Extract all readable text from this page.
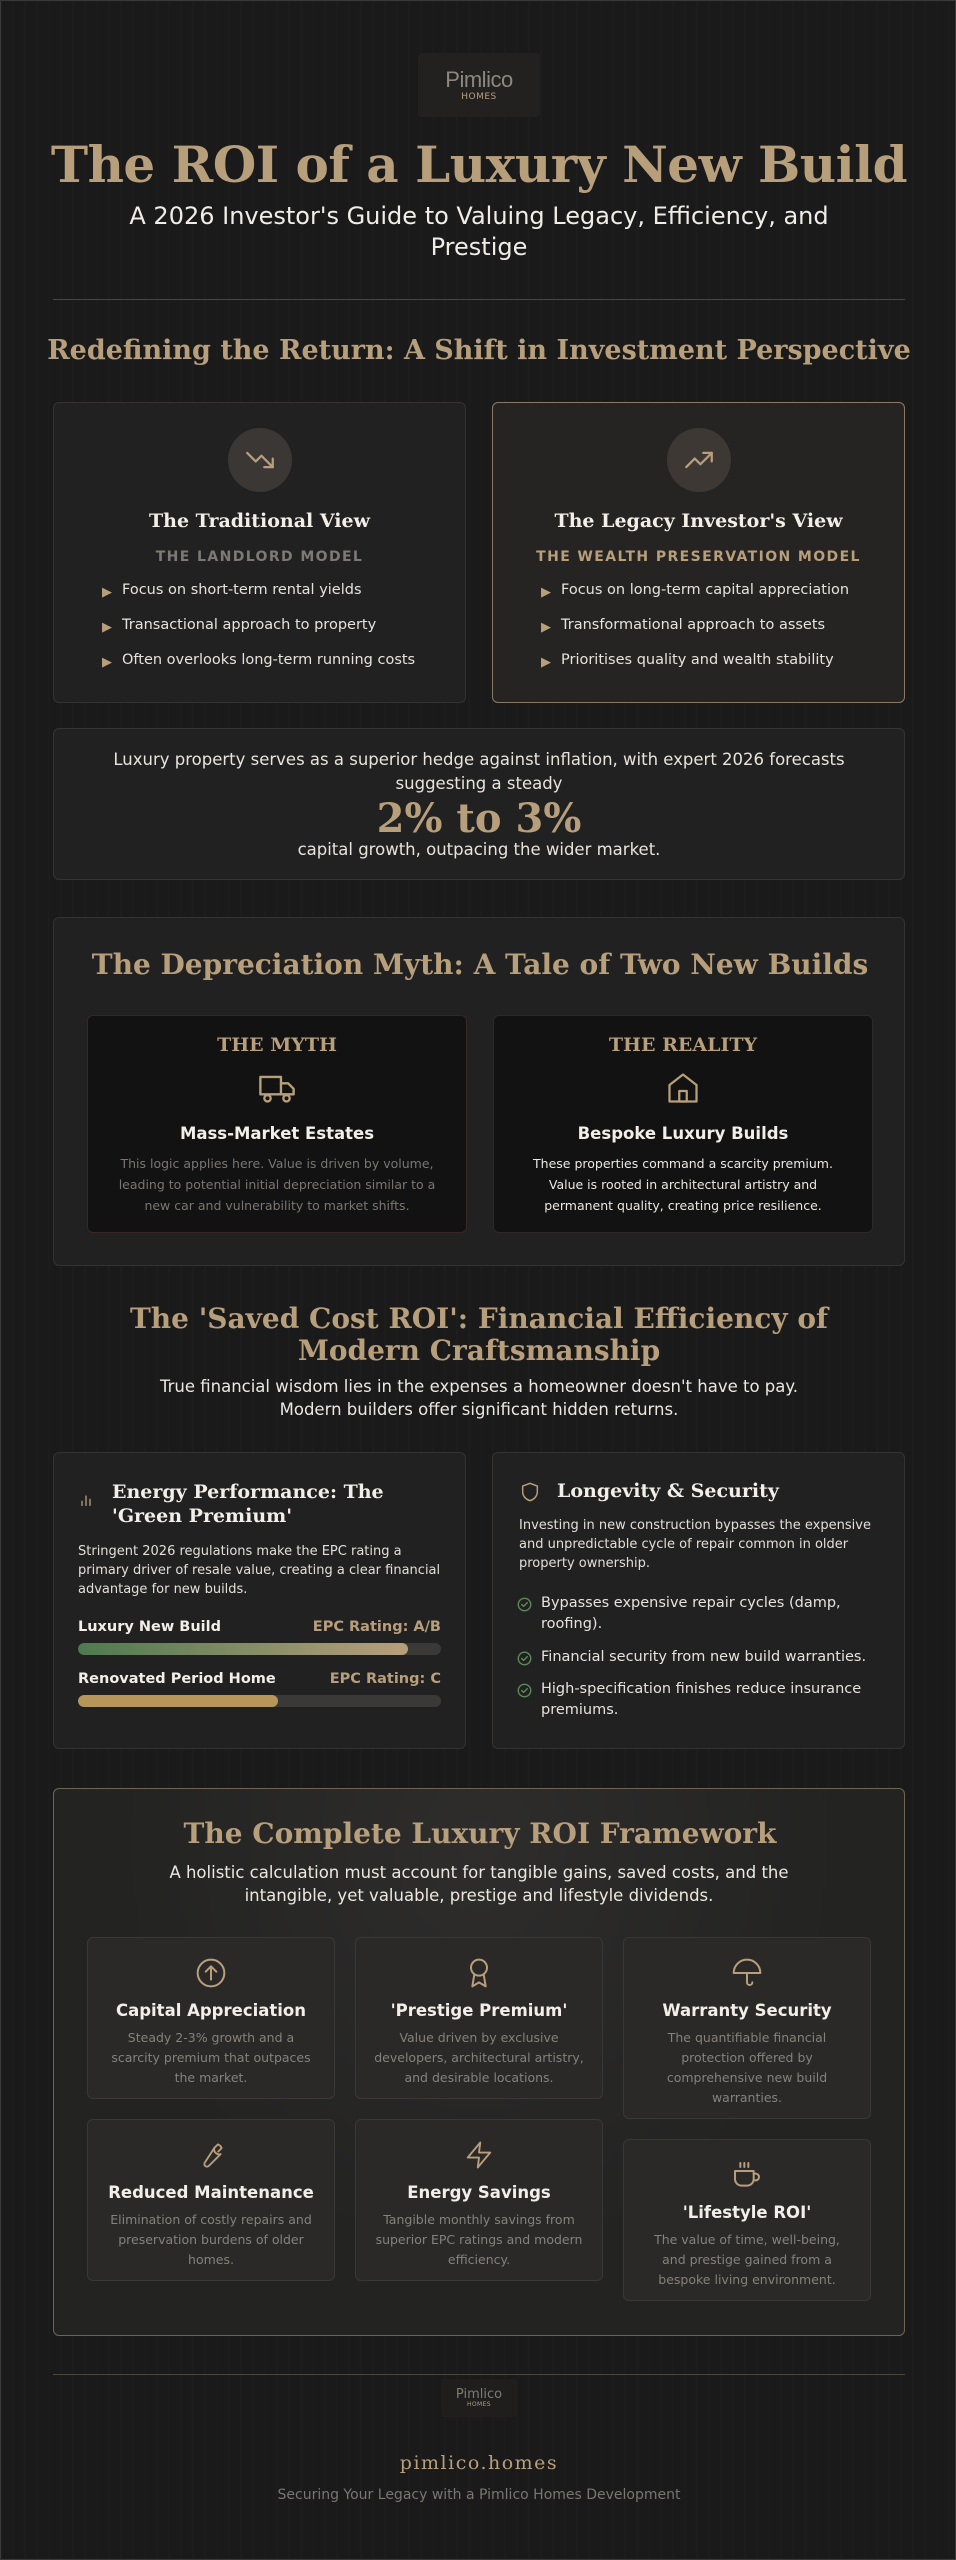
Pimlico
HOMES
The ROI of a Luxury New Build
A 2026 Investor's Guide to Valuing Legacy, Efficiency, and Prestige
Redefining the Return: A Shift in Investment Perspective
The Traditional View
THE LANDLORD MODEL
▶ Focus on short-term rental yields
▶ Transactional approach to property
▶ Often overlooks long-term running costs
The Legacy Investor's View
THE WEALTH PRESERVATION MODEL
▶ Focus on long-term capital appreciation
▶ Transformational approach to assets
▶ Prioritises quality and wealth stability
Luxury property serves as a superior hedge against inflation, with expert 2026 forecasts suggesting a steady
2% to 3%
capital growth, outpacing the wider market.
The Depreciation Myth: A Tale of Two New Builds
THE MYTH
Mass-Market Estates
This logic applies here. Value is driven by volume, leading to potential initial depreciation similar to a new car and vulnerability to market shifts.
THE REALITY
Bespoke Luxury Builds
These properties command a scarcity premium. Value is rooted in architectural artistry and permanent quality, creating price resilience.
The 'Saved Cost ROI': Financial Efficiency of Modern Craftsmanship
True financial wisdom lies in the expenses a homeowner doesn't have to pay. Modern builders offer significant hidden returns.
Energy Performance: The 'Green Premium'
Stringent 2026 regulations make the EPC rating a primary driver of resale value, creating a clear financial advantage for new builds.
Luxury New Build	EPC Rating: A/B
Renovated Period Home	EPC Rating: C
Longevity & Security
Investing in new construction bypasses the expensive and unpredictable cycle of repair common in older property ownership.
Bypasses expensive repair cycles (damp, roofing).
Financial security from new build warranties.
High-specification finishes reduce insurance premiums.
The Complete Luxury ROI Framework
A holistic calculation must account for tangible gains, saved costs, and the intangible, yet valuable, prestige and lifestyle dividends.
Capital Appreciation
Steady 2-3% growth and a scarcity premium that outpaces the market.
'Prestige Premium'
Value driven by exclusive developers, architectural artistry, and desirable locations.
Warranty Security
The quantifiable financial protection offered by comprehensive new build warranties.
Reduced Maintenance
Elimination of costly repairs and preservation burdens of older homes.
Energy Savings
Tangible monthly savings from superior EPC ratings and modern efficiency.
'Lifestyle ROI'
The value of time, well-being, and prestige gained from a bespoke living environment.
Pimlico
HOMES
pimlico.homes
Securing Your Legacy with a Pimlico Homes Development
